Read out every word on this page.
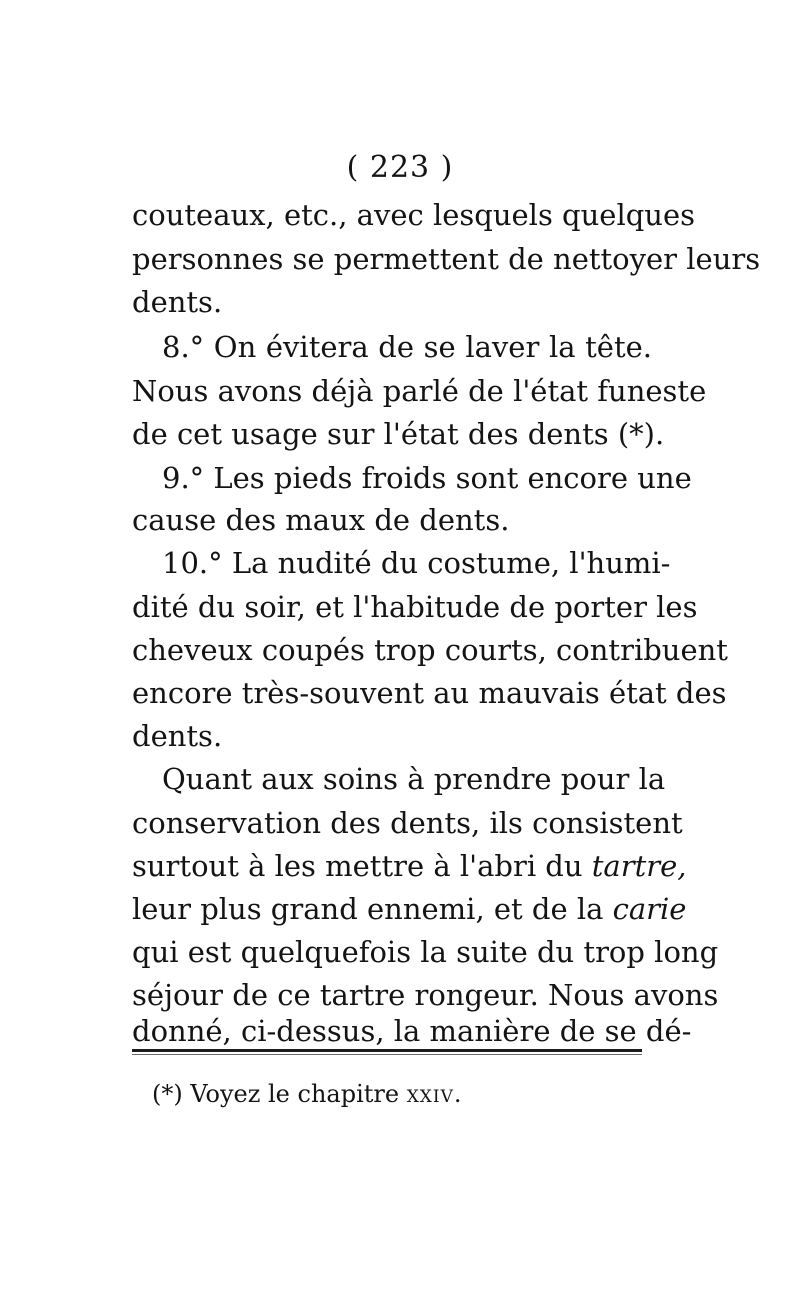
( 223 )
couteaux, etc., avec lesquels quelques
personnes se permettent de nettoyer leurs
dents.
8.° On évitera de se laver la tête.
Nous avons déjà parlé de l'état funeste
de cet usage sur l'état des dents (*).
9.° Les pieds froids sont encore une
cause des maux de dents.
10.° La nudité du costume, l'humi-
dité du soir, et l'habitude de porter les
cheveux coupés trop courts, contribuent
encore très-souvent au mauvais état des
dents.
Quant aux soins à prendre pour la
conservation des dents, ils consistent
surtout à les mettre à l'abri du tartre,
leur plus grand ennemi, et de la carie
qui est quelquefois la suite du trop long
séjour de ce tartre rongeur. Nous avons
donné, ci-dessus, la manière de se dé-
(*) Voyez le chapitre xxiv.
